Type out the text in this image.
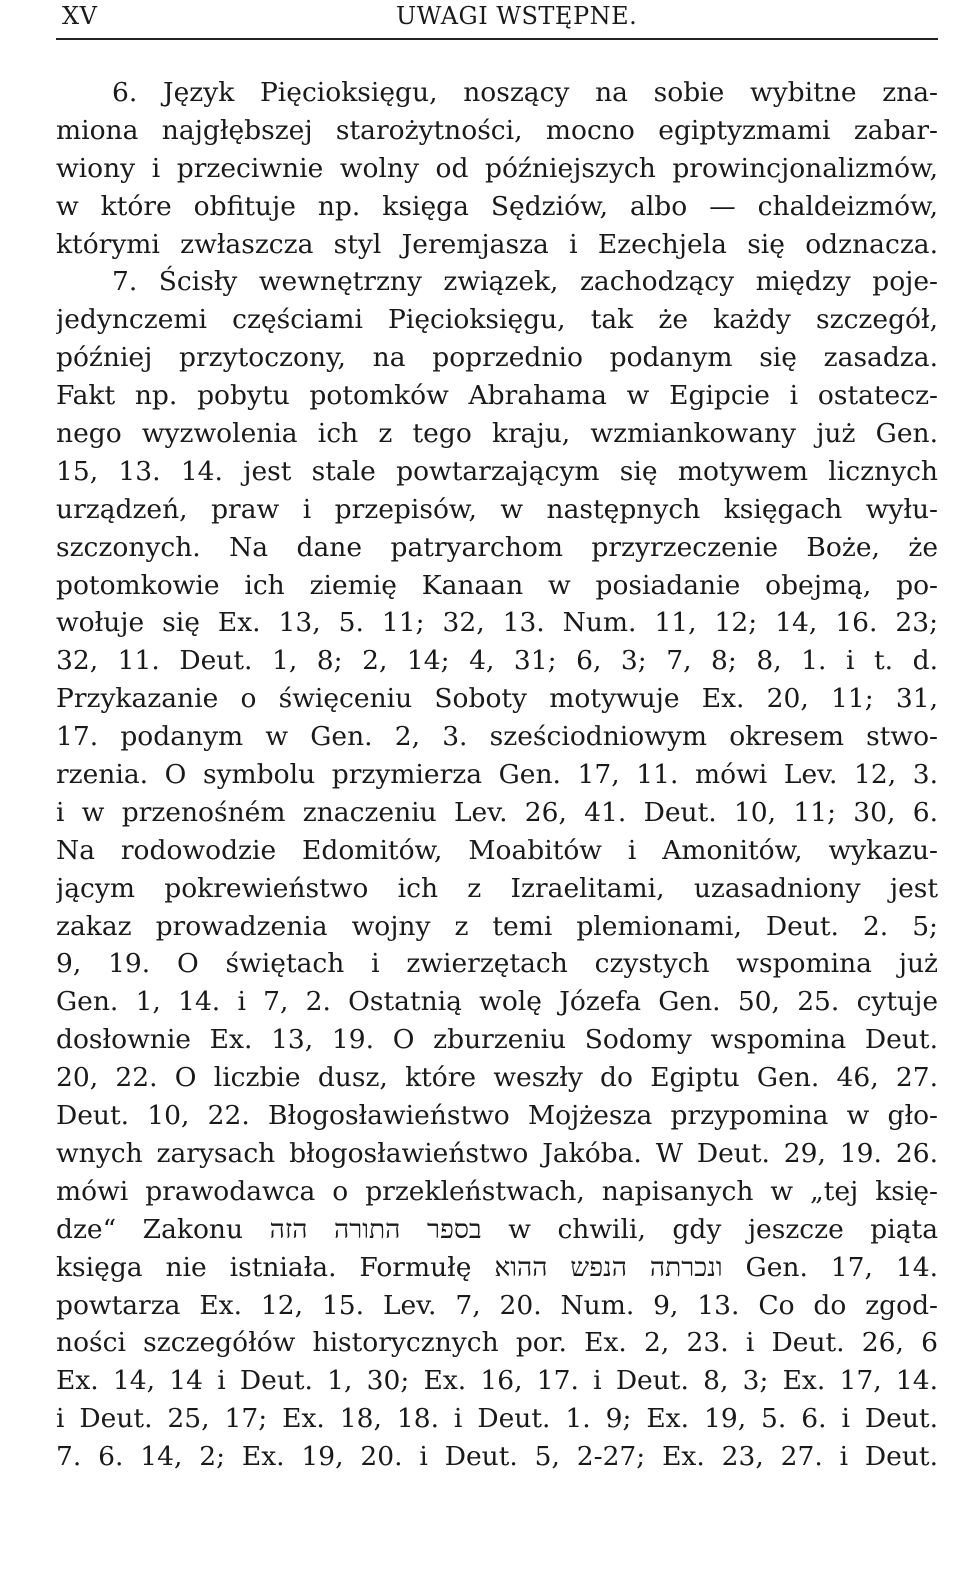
XV	UWAGI WSTĘPNE.
6. Język Pięcioksięgu, noszący na sobie wybitne zna-
miona najgłębszej starożytności, mocno egiptyzmami zabar-
wiony i przeciwnie wolny od późniejszych prowincjonalizmów,
w które obfituje np. księga Sędziów, albo — chaldeizmów,
którymi zwłaszcza styl Jeremjasza i Ezechjela się odznacza.
7. Ścisły wewnętrzny związek, zachodzący między poje-
jedynczemi częściami Pięcioksięgu, tak że każdy szczegół,
później przytoczony, na poprzednio podanym się zasadza.
Fakt np. pobytu potomków Abrahama w Egipcie i ostatecz-
nego wyzwolenia ich z tego kraju, wzmiankowany już Gen.
15, 13. 14. jest stale powtarzającym się motywem licznych
urządzeń, praw i przepisów, w następnych księgach wyłu-
szczonych. Na dane patryarchom przyrzeczenie Boże, że
potomkowie ich ziemię Kanaan w posiadanie obejmą, po-
wołuje się Ex. 13, 5. 11; 32, 13. Num. 11, 12; 14, 16. 23;
32, 11. Deut. 1, 8; 2, 14; 4, 31; 6, 3; 7, 8; 8, 1. i t. d.
Przykazanie o święceniu Soboty motywuje Ex. 20, 11; 31,
17. podanym w Gen. 2, 3. sześciodniowym okresem stwo-
rzenia. O symbolu przymierza Gen. 17, 11. mówi Lev. 12, 3.
i w przenośném znaczeniu Lev. 26, 41. Deut. 10, 11; 30, 6.
Na rodowodzie Edomitów, Moabitów i Amonitów, wykazu-
jącym pokrewieństwo ich z Izraelitami, uzasadniony jest
zakaz prowadzenia wojny z temi plemionami, Deut. 2. 5;
9, 19. O świętach i zwierzętach czystych wspomina już
Gen. 1, 14. i 7, 2. Ostatnią wolę Józefa Gen. 50, 25. cytuje
dosłownie Ex. 13, 19. O zburzeniu Sodomy wspomina Deut.
20, 22. O liczbie dusz, które weszły do Egiptu Gen. 46, 27.
Deut. 10, 22. Błogosławieństwo Mojżesza przypomina w gło-
wnych zarysach błogosławieństwo Jakóba. W Deut. 29, 19. 26.
mówi prawodawca o przekleństwach, napisanych w „tej księ-
dze“ Zakonu בספר התורה הזה w chwili, gdy jeszcze piąta
księga nie istniała. Formułę ונכרתה הנפש ההוא Gen. 17, 14.
powtarza Ex. 12, 15. Lev. 7, 20. Num. 9, 13. Co do zgod-
ności szczegółów historycznych por. Ex. 2, 23. i Deut. 26, 6
Ex. 14, 14 i Deut. 1, 30; Ex. 16, 17. i Deut. 8, 3; Ex. 17, 14.
i Deut. 25, 17; Ex. 18, 18. i Deut. 1. 9; Ex. 19, 5. 6. i Deut.
7. 6. 14, 2; Ex. 19, 20. i Deut. 5, 2-27; Ex. 23, 27. i Deut.
